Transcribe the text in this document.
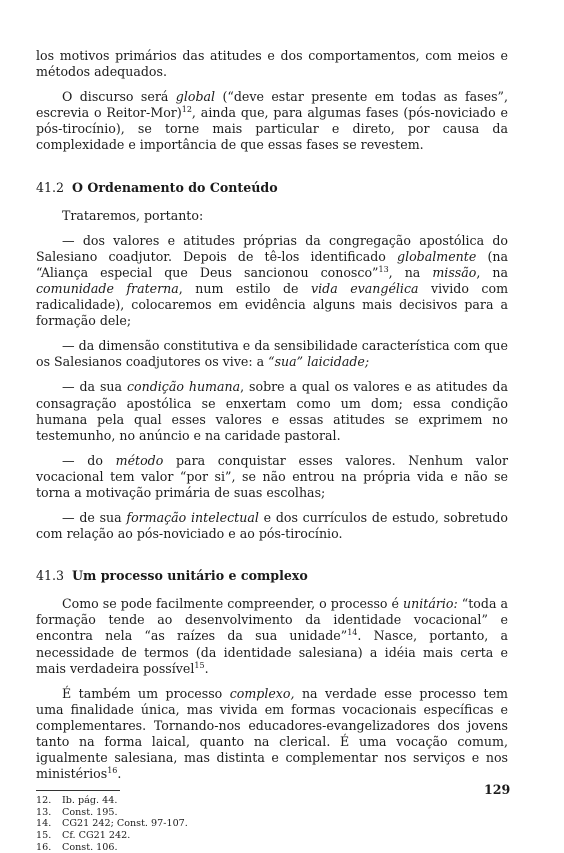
los motivos primários das atitudes e dos comportamentos, com meios e métodos adequados.

O discurso será global (“deve estar presente em todas as fases”, escrevia o Reitor-Mor)$^{12}$, ainda que, para algumas fases (pós-noviciado e pós-tirocínio), se torne mais particular e direto, por causa da complexidade e importância de que essas fases se revestem.

41.2 O Ordenamento do Conteúdo

Trataremos, portanto:

— dos valores e atitudes próprias da congregação apostólica do Salesiano coadjutor. Depois de tê-los identificado globalmente (na “Aliança especial que Deus sancionou conosco”$^{13}$, na missão, na comunidade fraterna, num estilo de vida evangélica vivido com radicalidade), colocaremos em evidência alguns mais decisivos para a formação dele;

— da dimensão constitutiva e da sensibilidade característica com que os Salesianos coadjutores os vive: a “sua” laicidade;

— da sua condição humana, sobre a qual os valores e as atitudes da consagração apostólica se enxertam como um dom; essa condição humana pela qual esses valores e essas atitudes se exprimem no testemunho, no anúncio e na caridade pastoral.

— do método para conquistar esses valores. Nenhum valor vocacional tem valor “por si”, se não entrou na própria vida e não se torna a motivação primária de suas escolhas;

— de sua formação intelectual e dos currículos de estudo, sobretudo com relação ao pós-noviciado e ao pós-tirocínio.

41.3 Um processo unitário e complexo

Como se pode facilmente compreender, o processo é unitário: “toda a formação tende ao desenvolvimento da identidade vocacional” e encontra nela “as raízes da sua unidade”$^{14}$. Nasce, portanto, a necessidade de termos (da identidade salesiana) a idéia mais certa e mais verdadeira possível$^{15}$.

É também um processo complexo, na verdade esse processo tem uma finalidade única, mas vivida em formas vocacionais específicas e complementares. Tornando-nos educadores-evangelizadores dos jovens tanto na forma laical, quanto na clerical. É uma vocação comum, igualmente salesiana, mas distinta e complementar nos serviços e nos ministérios$^{16}$.

12.	Ib. pág. 44.
13.	Const. 195.
14.	CG21 242; Const. 97-107.
15.	Cf. CG21 242.
16.	Const. 106.
129
